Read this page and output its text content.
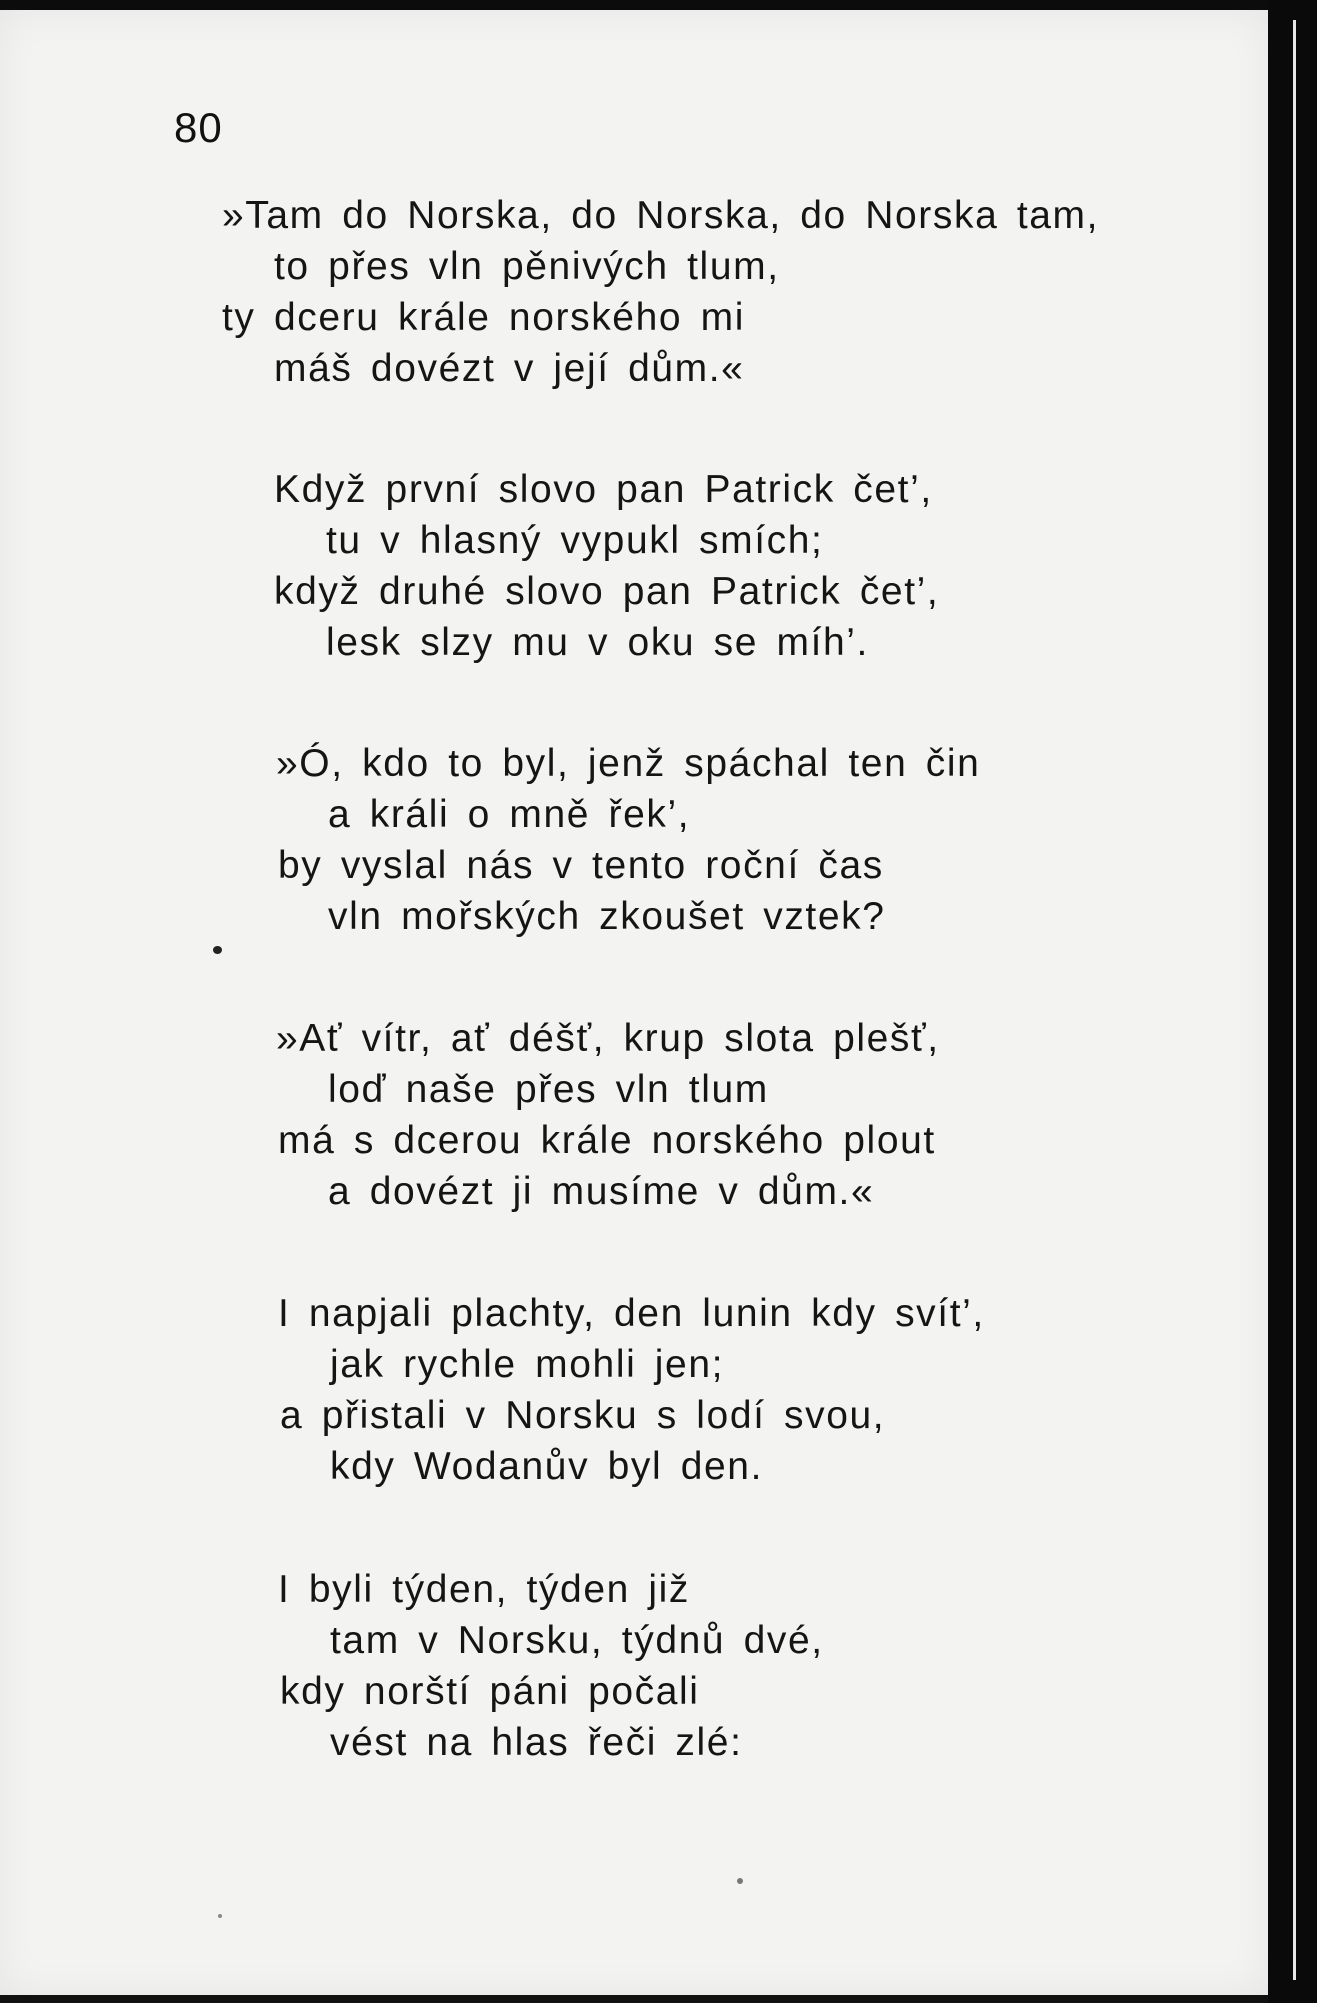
80
»Tam do Norska, do Norska, do Norska tam,
to přes vln pěnivých tlum,
ty dceru krále norského mi
máš dovézt v její dům.«
Když první slovo pan Patrick čet’,
tu v hlasný vypukl smích;
když druhé slovo pan Patrick čet’,
lesk slzy mu v oku se míh’.
»Ó, kdo to byl, jenž spáchal ten čin
a králi o mně řek’,
by vyslal nás v tento roční čas
vln mořských zkoušet vztek?
»Ať vítr, ať déšť, krup slota plešť,
loď naše přes vln tlum
má s dcerou krále norského plout
a dovézt ji musíme v dům.«
I napjali plachty, den lunin kdy svít’,
jak rychle mohli jen;
a přistali v Norsku s lodí svou,
kdy Wodanův byl den.
I byli týden, týden již
tam v Norsku, týdnů dvé,
kdy norští páni počali
vést na hlas řeči zlé:
